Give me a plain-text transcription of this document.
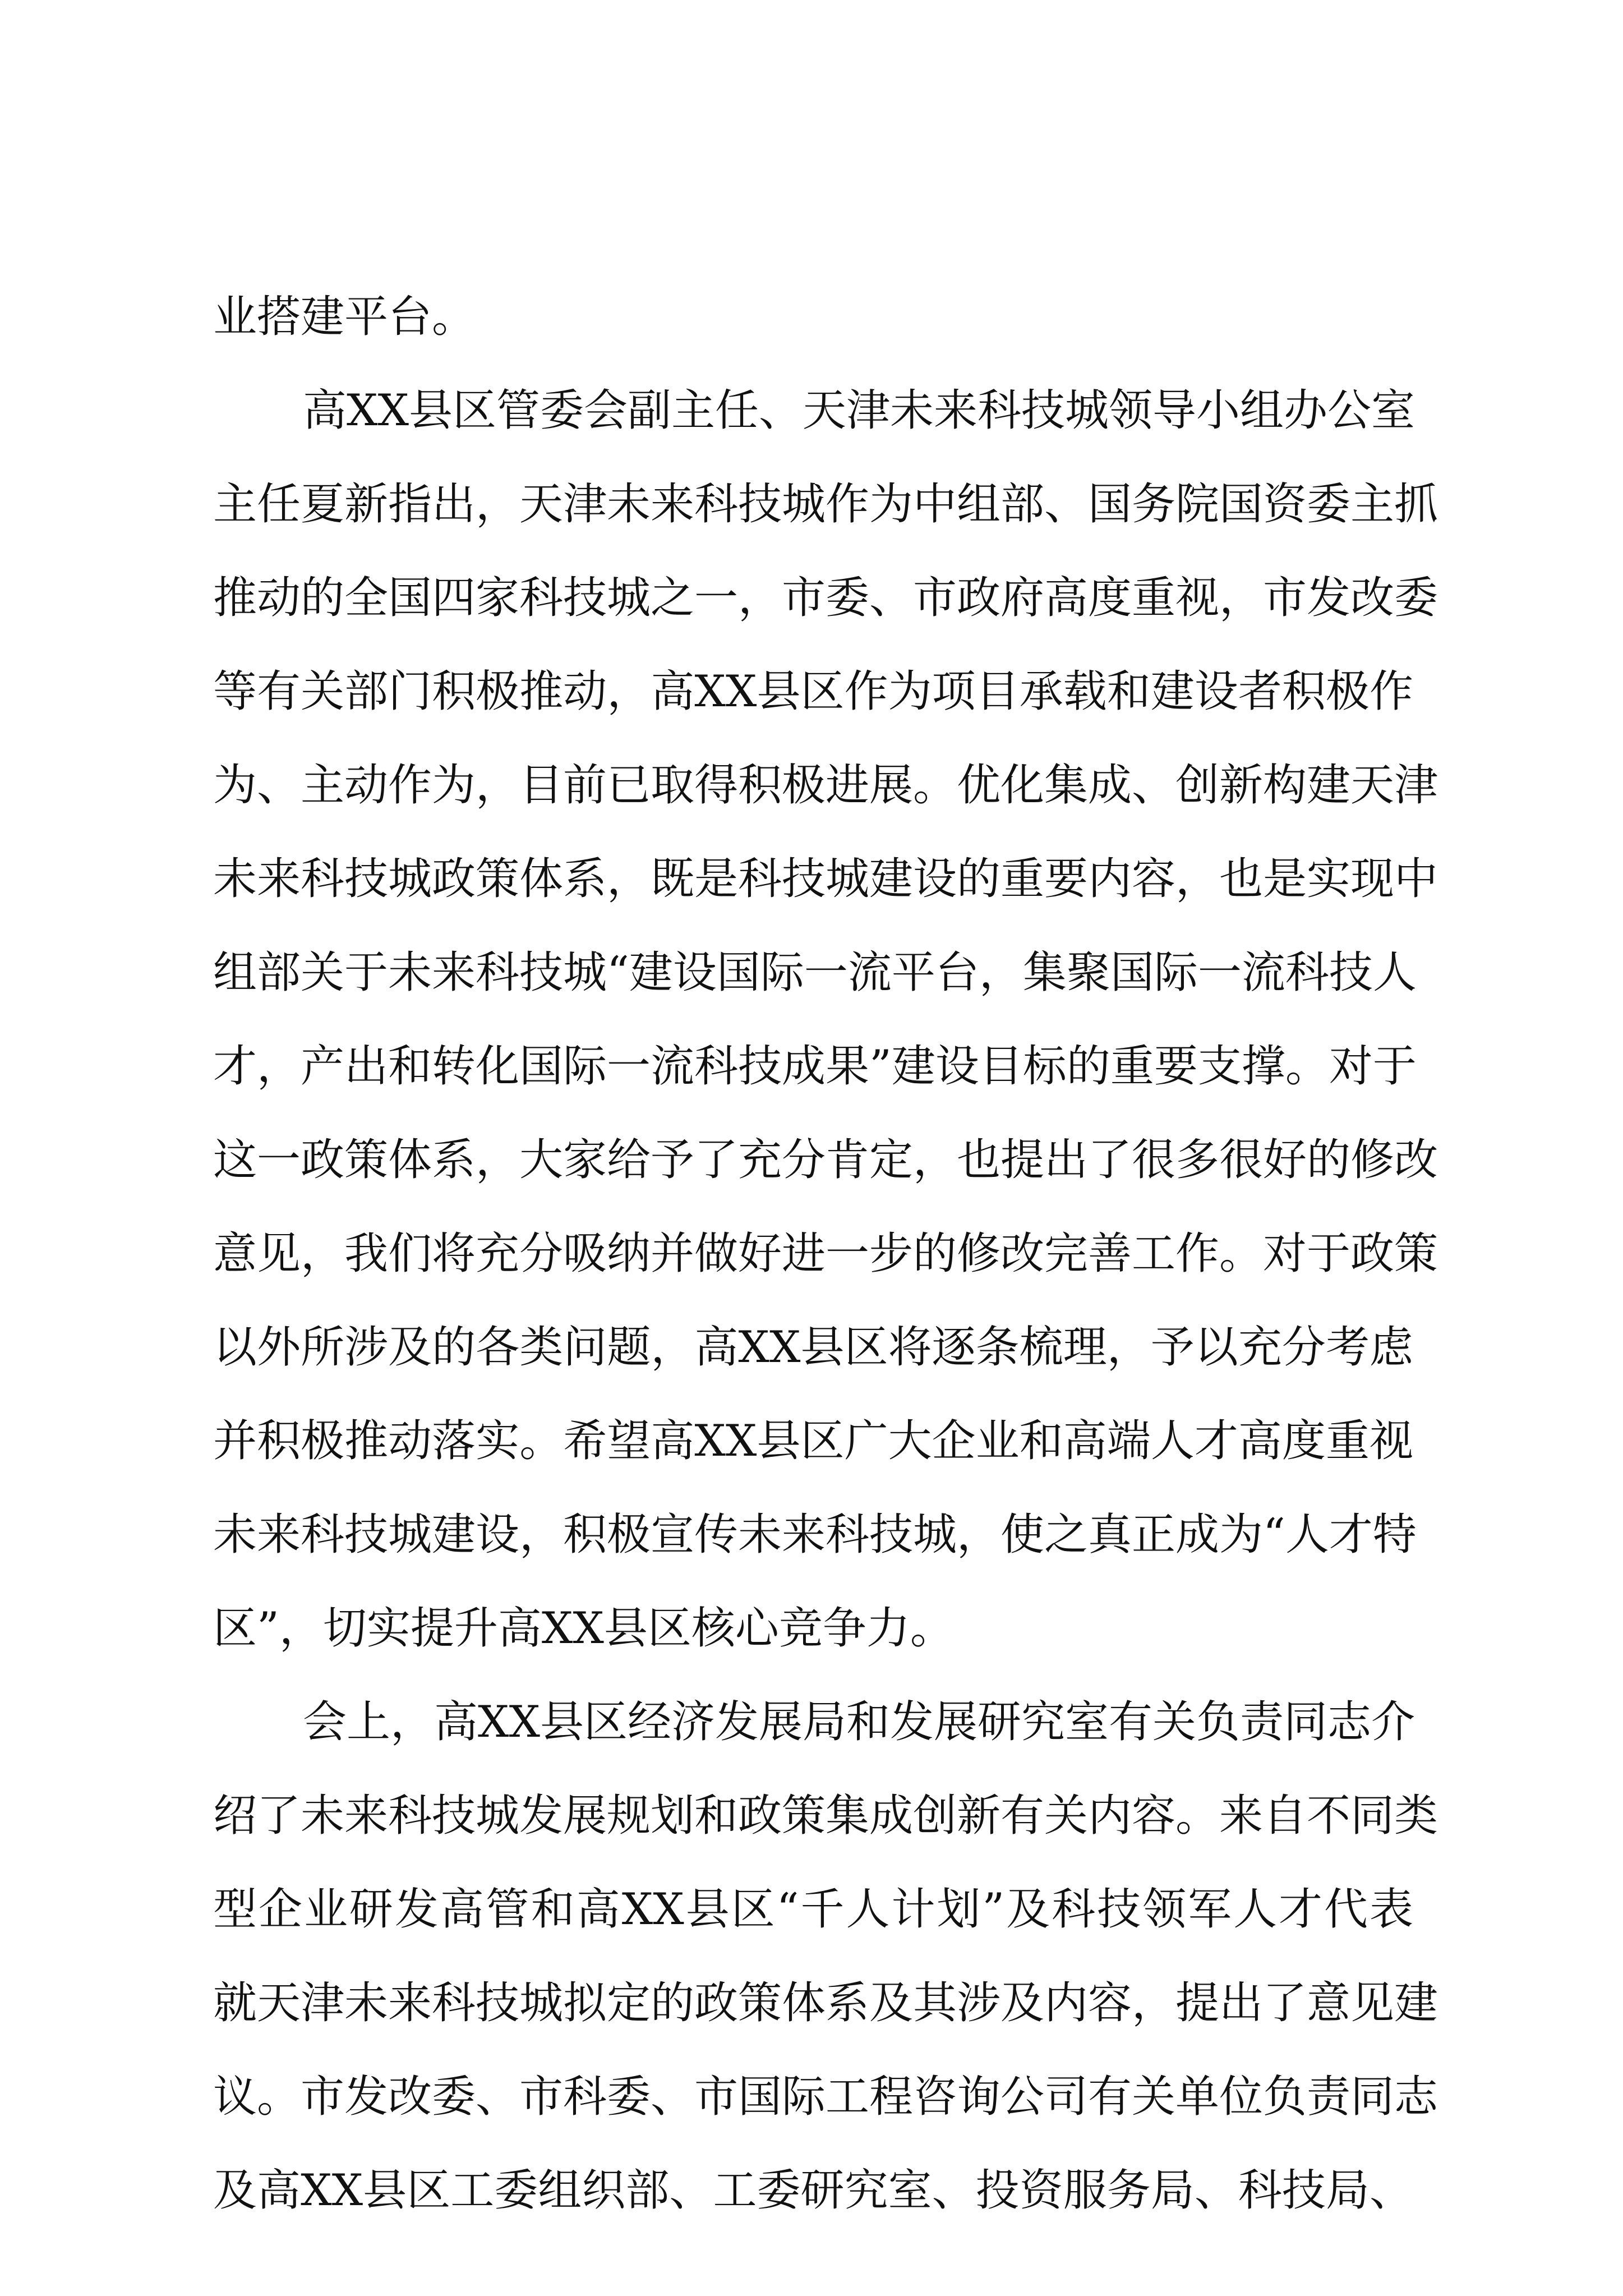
业搭建平台。
高XX县区管委会副主任、天津未来科技城领导小组办公室
主任夏新指出，天津未来科技城作为中组部、国务院国资委主抓
推动的全国四家科技城之一，市委、市政府高度重视，市发改委
等有关部门积极推动，高XX县区作为项目承载和建设者积极作
为、主动作为，目前已取得积极进展。优化集成、创新构建天津
未来科技城政策体系，既是科技城建设的重要内容，也是实现中
组部关于未来科技城“建设国际一流平台，集聚国际一流科技人
才，产出和转化国际一流科技成果”建设目标的重要支撑。对于
这一政策体系，大家给予了充分肯定，也提出了很多很好的修改
意见，我们将充分吸纳并做好进一步的修改完善工作。对于政策
以外所涉及的各类问题，高XX县区将逐条梳理，予以充分考虑
并积极推动落实。希望高XX县区广大企业和高端人才高度重视
未来科技城建设，积极宣传未来科技城，使之真正成为“人才特
区”，切实提升高XX县区核心竞争力。
会上，高XX县区经济发展局和发展研究室有关负责同志介
绍了未来科技城发展规划和政策集成创新有关内容。来自不同类
型企业研发高管和高XX县区“千人计划”及科技领军人才代表
就天津未来科技城拟定的政策体系及其涉及内容，提出了意见建
议。市发改委、市科委、市国际工程咨询公司有关单位负责同志
及高XX县区工委组织部、工委研究室、投资服务局、科技局、
